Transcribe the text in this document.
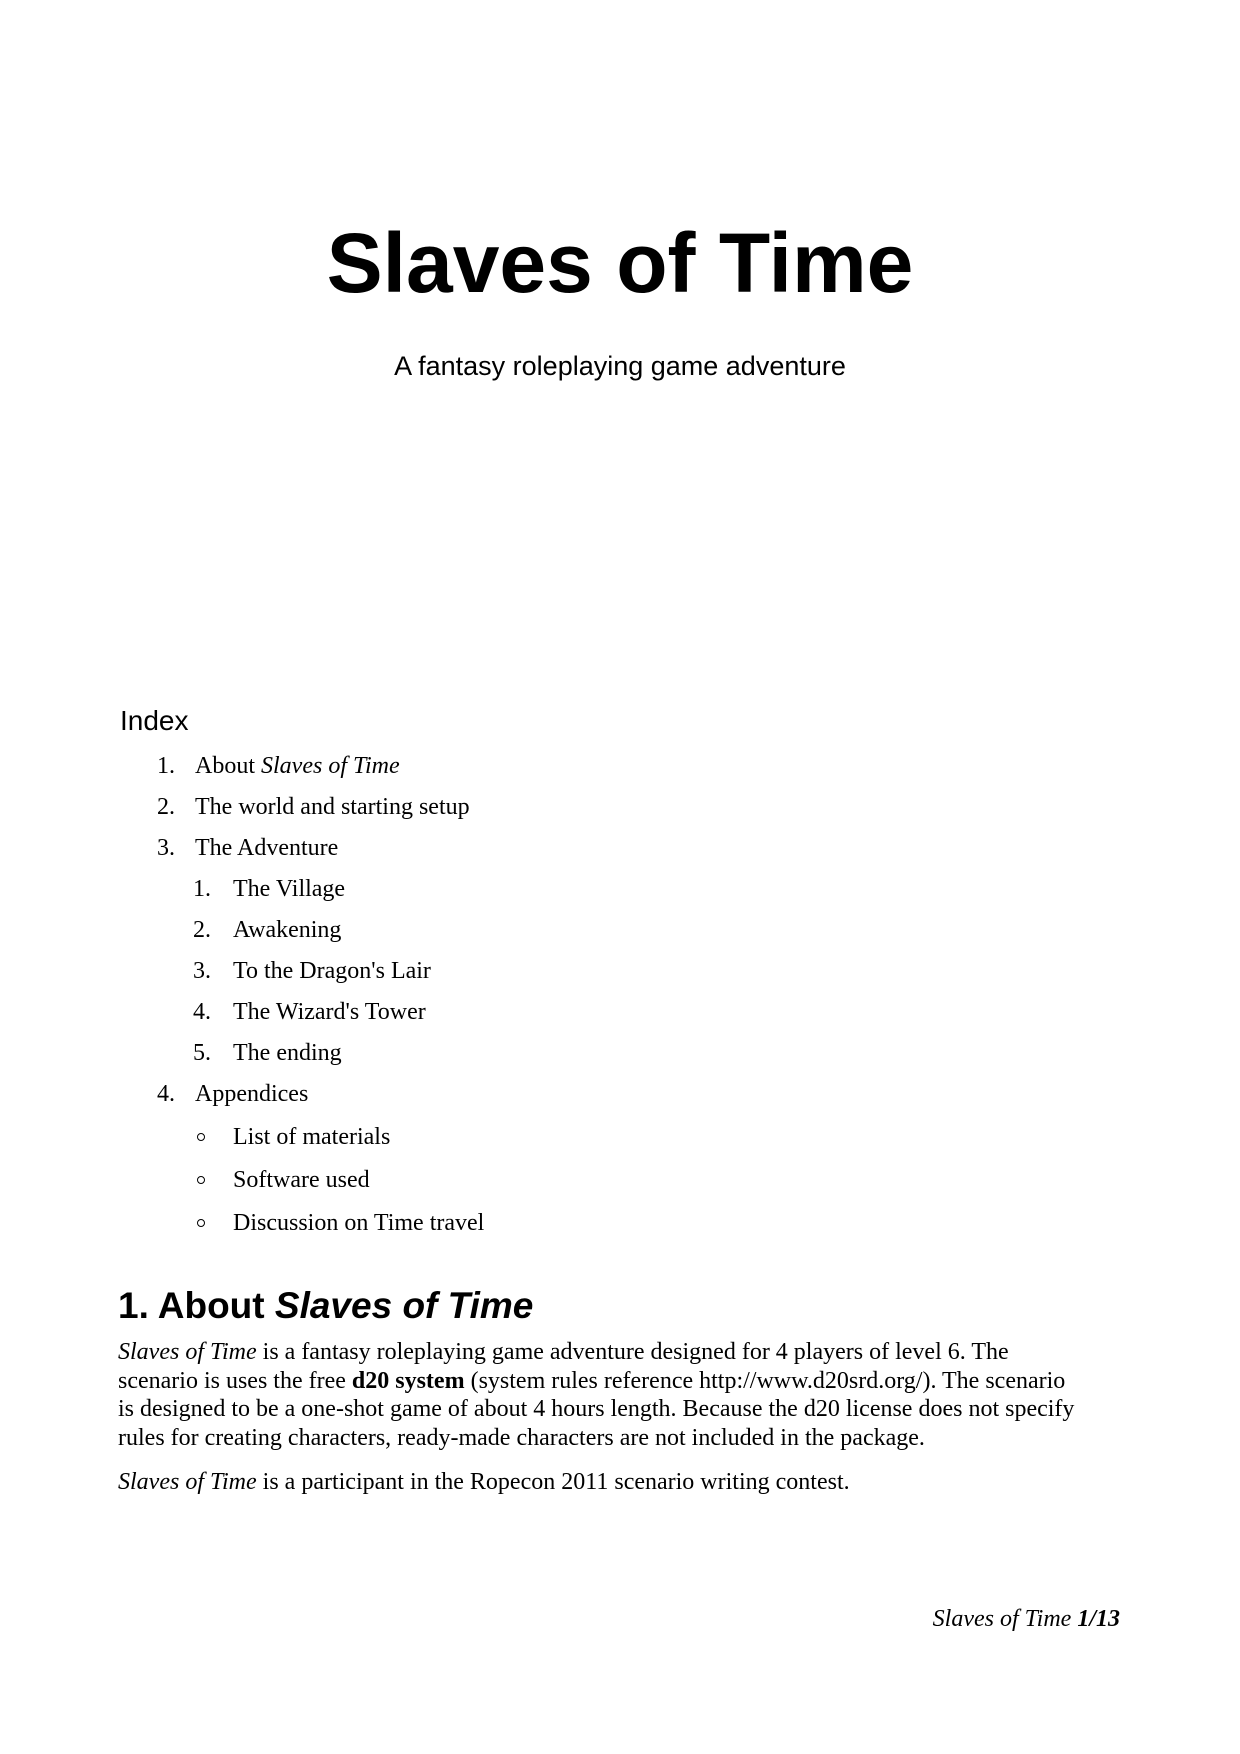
Slaves of Time

A fantasy roleplaying game adventure

Index
1. About Slaves of Time
2. The world and starting setup
3. The Adventure
1. The Village
2. Awakening
3. To the Dragon's Lair
4. The Wizard's Tower
5. The ending
4. Appendices
List of materials
Software used
Discussion on Time travel
1. About Slaves of Time

Slaves of Time is a fantasy roleplaying game adventure designed for 4 players of level 6. The
scenario is uses the free d20 system (system rules reference http://www.d20srd.org/). The scenario
is designed to be a one-shot game of about 4 hours length. Because the d20 license does not specify
rules for creating characters, ready-made characters are not included in the package.

Slaves of Time is a participant in the Ropecon 2011 scenario writing contest.

Slaves of Time 1/13
